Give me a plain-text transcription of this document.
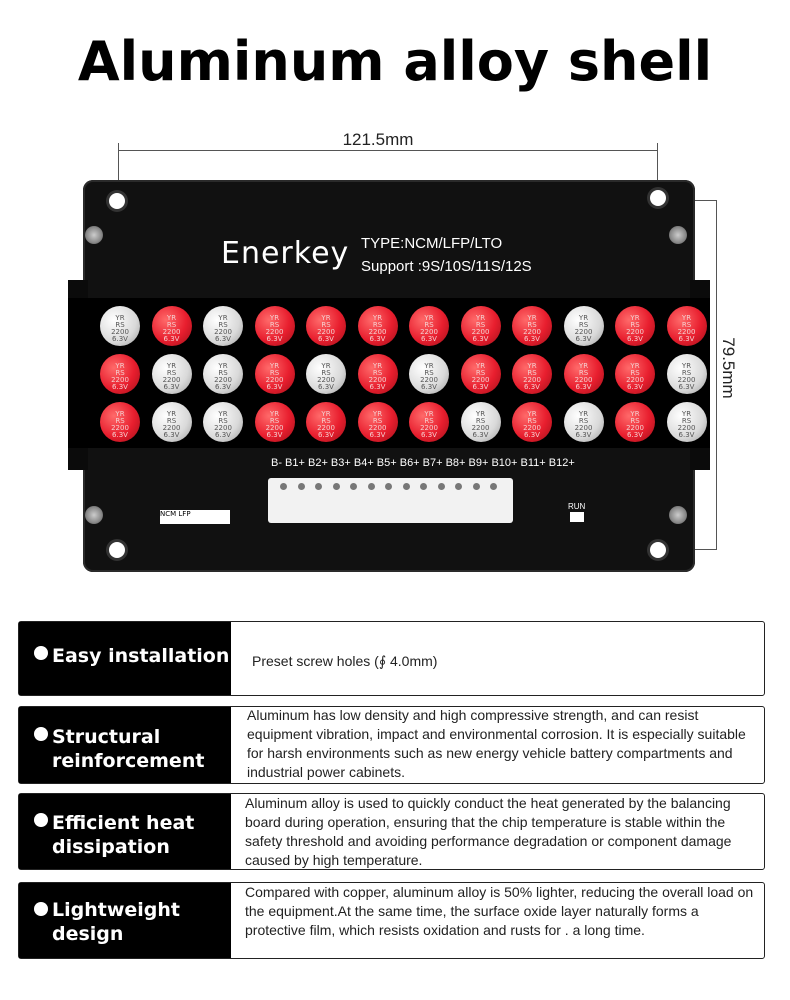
Aluminum alloy shell
121.5mm
79.5mm
Enerkey TYPE:NCM/LFP/LTO
Support :9S/10S/11S/12S
YR
RS
2200
6.3V
YR
RS
2200
6.3V
YR
RS
2200
6.3V
YR
RS
2200
6.3V
YR
RS
2200
6.3V
YR
RS
2200
6.3V
YR
RS
2200
6.3V
YR
RS
2200
6.3V
YR
RS
2200
6.3V
YR
RS
2200
6.3V
YR
RS
2200
6.3V
YR
RS
2200
6.3V
YR
RS
2200
6.3V
YR
RS
2200
6.3V
YR
RS
2200
6.3V
YR
RS
2200
6.3V
YR
RS
2200
6.3V
YR
RS
2200
6.3V
YR
RS
2200
6.3V
YR
RS
2200
6.3V
YR
RS
2200
6.3V
YR
RS
2200
6.3V
YR
RS
2200
6.3V
YR
RS
2200
6.3V
YR
RS
2200
6.3V
YR
RS
2200
6.3V
YR
RS
2200
6.3V
YR
RS
2200
6.3V
YR
RS
2200
6.3V
YR
RS
2200
6.3V
YR
RS
2200
6.3V
YR
RS
2200
6.3V
YR
RS
2200
6.3V
YR
RS
2200
6.3V
YR
RS
2200
6.3V
YR
RS
2200
6.3V
B- B1+ B2+ B3+ B4+ B5+ B6+ B7+ B8+ B9+ B10+ B11+ B12+
NCM LFP
RUN
Easy installation Preset screw holes (∮ 4.0mm)
Structural reinforcement
Aluminum has low density and high compressive strength, and can resist equipment vibration, impact and environmental corrosion. It is especially suitable for harsh environments such as new energy vehicle battery compartments and industrial power cabinets.
Efficient heat dissipation
Aluminum alloy is used to quickly conduct the heat generated by the balancing board during operation, ensuring that the chip temperature is stable within the safety threshold and avoiding performance degradation or component damage caused by high temperature.
Lightweight design
Compared with copper, aluminum alloy is 50% lighter, reducing the overall load on the equipment.At the same time, the surface oxide layer naturally forms a protective film, which resists oxidation and rusts for . a long time.
